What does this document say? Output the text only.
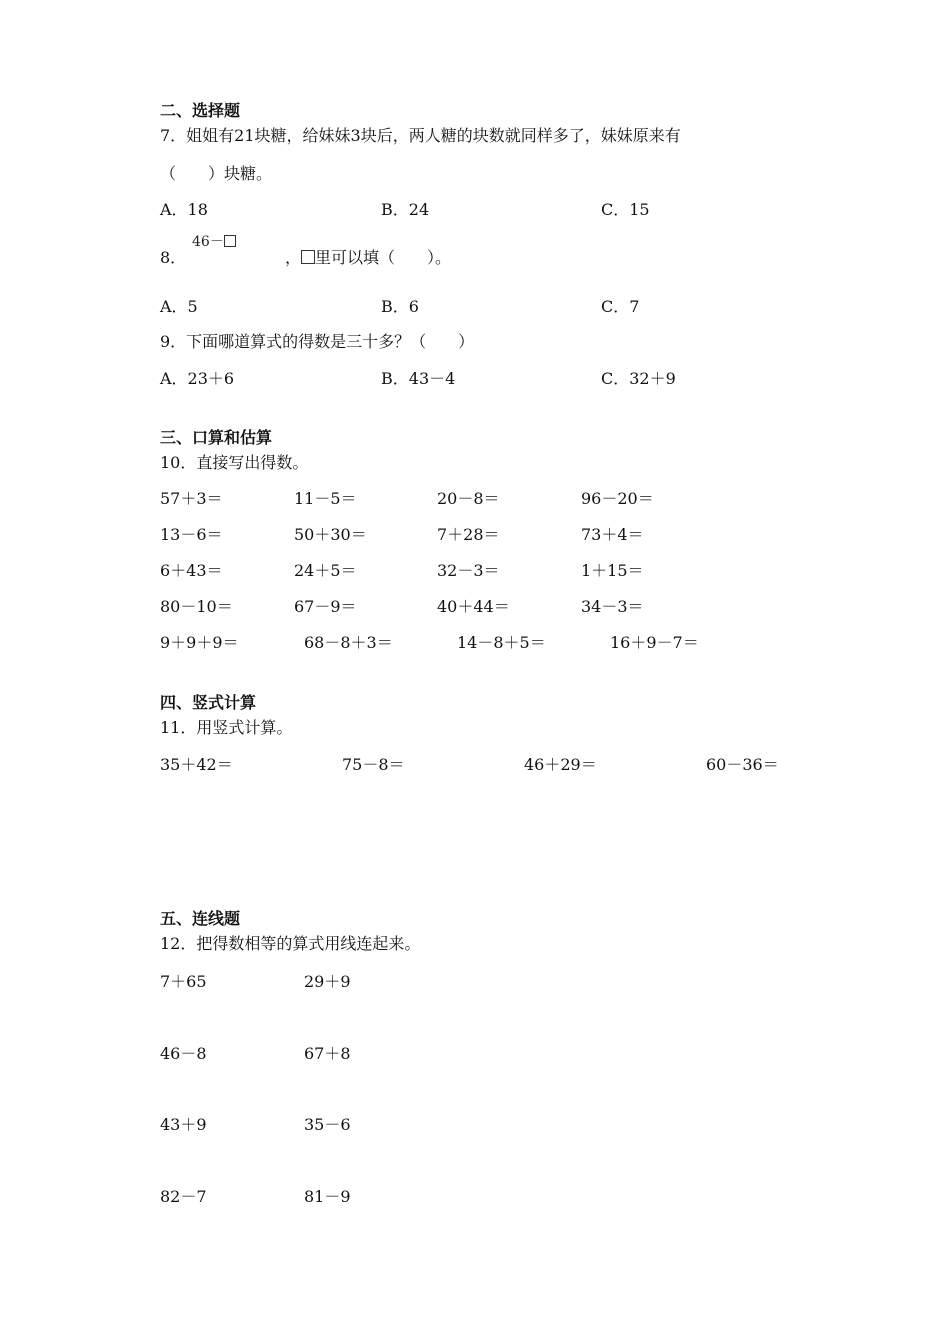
二、选择题
7．姐姐有21块糖，给妹妹3块后，两人糖的块数就同样多了，妹妹原来有
（　　）块糖。
A．18	B．24	C．15
8．
46－
， 里可以填（　　）。
A．5	B．6	C．7
9．下面哪道算式的得数是三十多？（　　）
A．23＋6	B．43－4	C．32＋9
三、口算和估算
10．直接写出得数。
57＋3＝	11－5＝	20－8＝	96－20＝
13－6＝	50＋30＝	7＋28＝	73＋4＝
6＋43＝	24＋5＝	32－3＝	1＋15＝
80－10＝	67－9＝	40＋44＝	34－3＝
9＋9＋9＝	68－8＋3＝	14－8＋5＝	16＋9－7＝
四、竖式计算
11．用竖式计算。
35＋42＝	75－8＝	46＋29＝	60－36＝
五、连线题
12．把得数相等的算式用线连起来。
7＋65	29＋9
46－8	67＋8
43＋9	35－6
82－7	81－9
